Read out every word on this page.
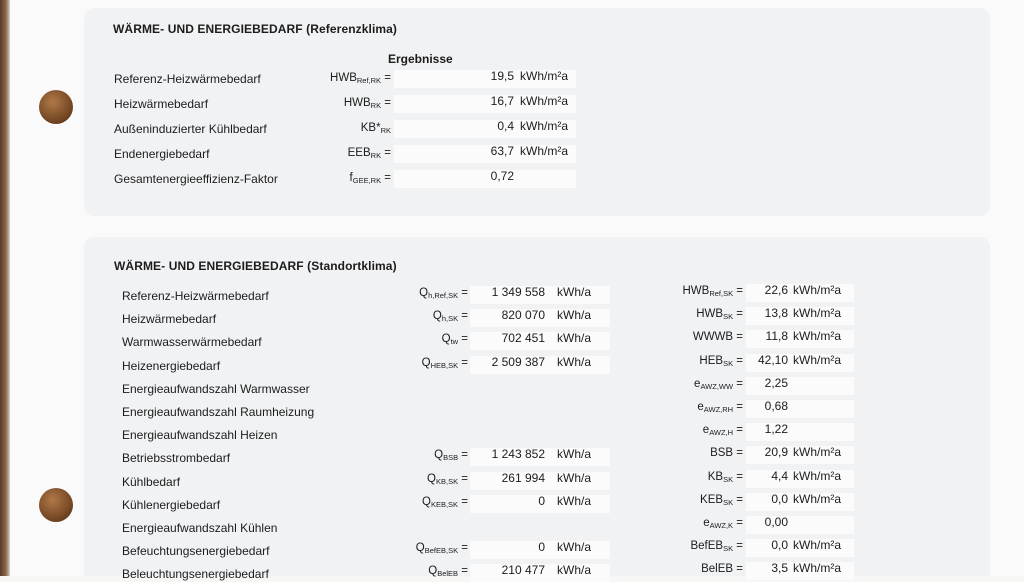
WÄRME- UND ENERGIEBEDARF (Referenzklima)
Ergebnisse
Referenz-Heizwärmebedarf	$HWB_{Ref,RK}$ =	19,5 kWh/m²a
Heizwärmebedarf	$HWB_{RK}$ =	16,7 kWh/m²a
Außeninduzierter Kühlbedarf	$KB*_{RK}$	0,4 kWh/m²a
Endenergiebedarf	$EEB_{RK}$ =	63,7 kWh/m²a
Gesamtenergieeffizienz-Faktor	$f_{GEE,RK}$ =	0,72
WÄRME- UND ENERGIEBEDARF (Standortklima)
Referenz-Heizwärmebedarf	$Q_{h,Ref,SK}$ =	1 349 558 kWh/a	$HWB_{Ref,SK}$ =	22,6 kWh/m²a
Heizwärmebedarf	$Q_{h,SK}$ =	820 070 kWh/a	$HWB_{SK}$ =	13,8 kWh/m²a
Warmwasserwärmebedarf	$Q_{tw}$ =	702 451 kWh/a	WWWB =	11,8 kWh/m²a
Heizenergiebedarf	$Q_{HEB,SK}$ =	2 509 387 kWh/a	$HEB_{SK}$ =	42,10 kWh/m²a
Energieaufwandszahl Warmwasser	$e_{AWZ,WW}$ =	2,25
Energieaufwandszahl Raumheizung	$e_{AWZ,RH}$ =	0,68
Energieaufwandszahl Heizen	$e_{AWZ,H}$ =	1,22
Betriebsstrombedarf	$Q_{BSB}$ =	1 243 852 kWh/a	BSB =	20,9 kWh/m²a
Kühlbedarf	$Q_{KB,SK}$ =	261 994 kWh/a	$KB_{SK}$ =	4,4 kWh/m²a
Kühlenergiebedarf	$Q_{KEB,SK}$ =	0 kWh/a	$KEB_{SK}$ =	0,0 kWh/m²a
Energieaufwandszahl Kühlen	$e_{AWZ,K}$ =	0,00
Befeuchtungsenergiebedarf	$Q_{BefEB,SK}$ =	0 kWh/a	BefEB$_{SK}$ =	0,0 kWh/m²a
Beleuchtungsenergiebedarf	$Q_{BelEB}$ =	210 477 kWh/a	BelEB =	3,5 kWh/m²a
